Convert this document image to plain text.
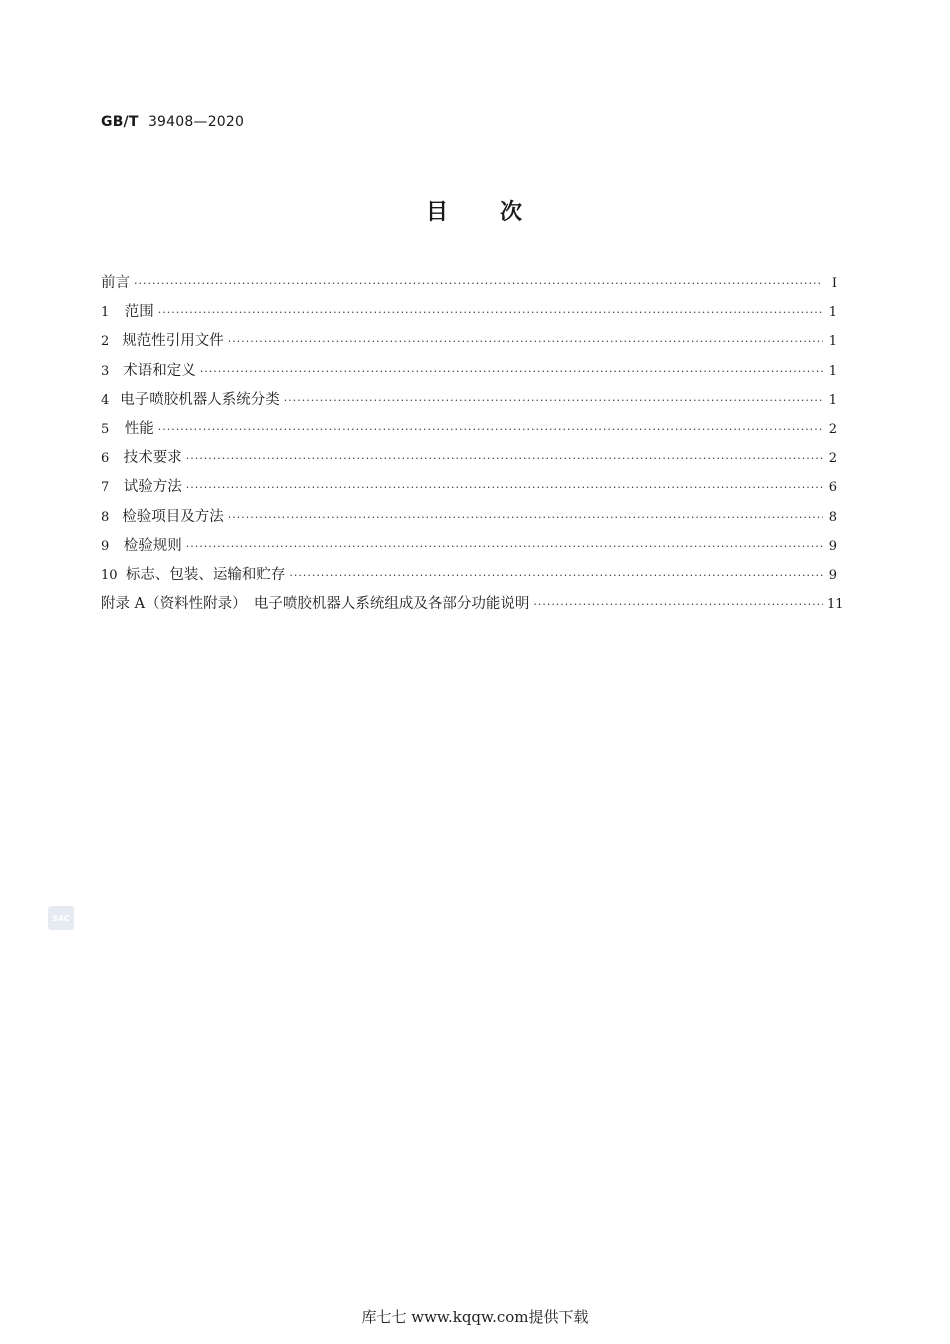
GB/T 39408—2020
目 次
前言 ·····	Ⅰ
1	范围 ·····	1
2 规范性引用文件 ·····	1
3 术语和定义 ·····	1
4 电子喷胶机器人系统分类 ·····	1
5	性能 ·····	2
6 技术要求 ·····	2
7 试验方法 ·····	6
8 检验项目及方法 ·····	8
9 检验规则 ·····	9
10 标志、包装、运输和贮存 ·····	9
附录 A（资料性附录）　电子喷胶机器人系统组成及各部分功能说明 ·····	11
SAC
库七七 www.kqqw.com提供下载
